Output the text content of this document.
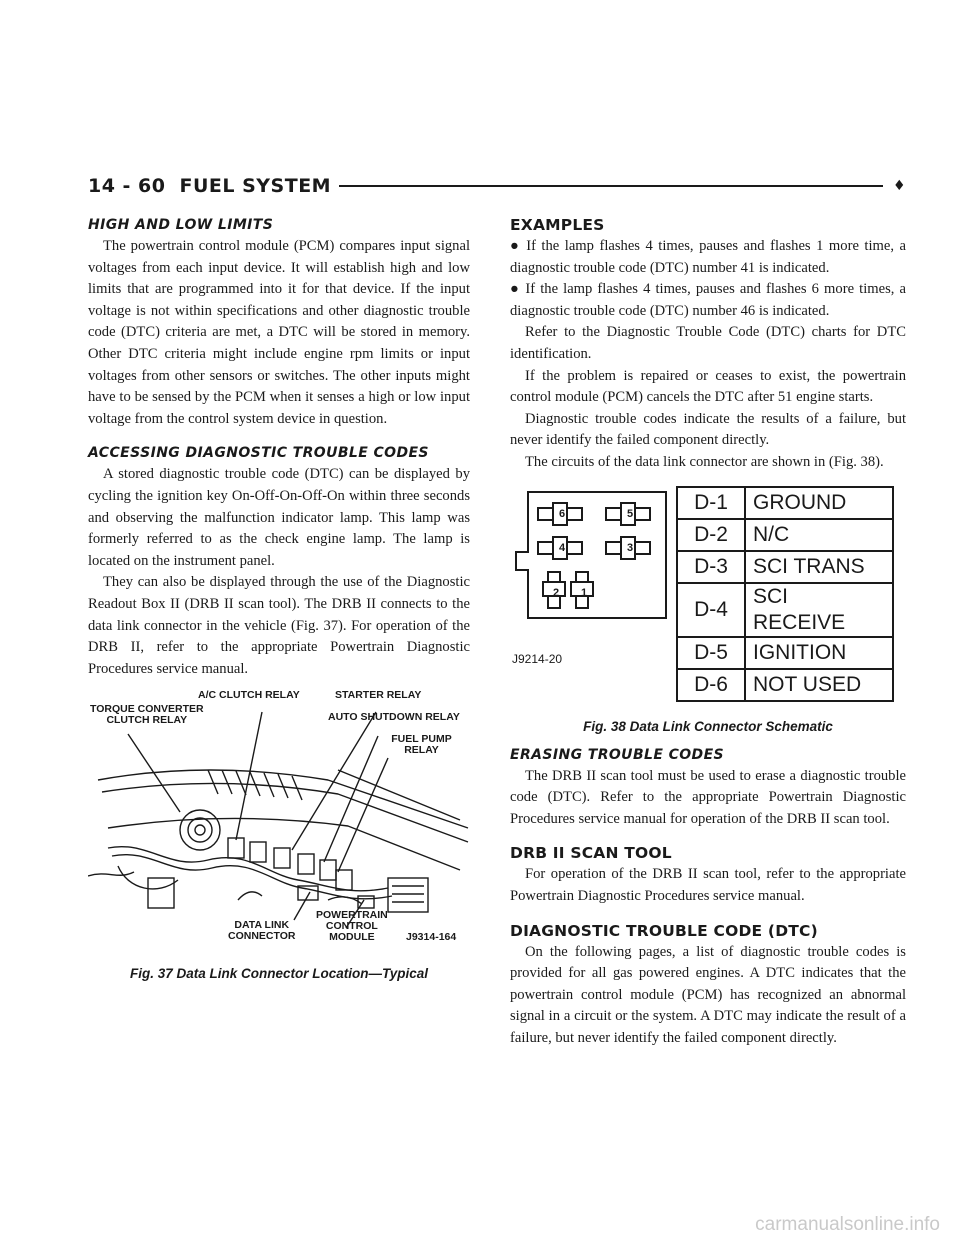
14 - 60 FUEL SYSTEM	♦

HIGH AND LOW LIMITS

The powertrain control module (PCM) compares input signal voltages from each input device. It will establish high and low limits that are programmed into it for that device. If the input voltage is not within specifications and other diagnostic trouble code (DTC) criteria are met, a DTC will be stored in memory. Other DTC criteria might include engine rpm limits or input voltages from other sensors or switches. The other inputs might have to be sensed by the PCM when it senses a high or low input voltage from the control system device in question.

ACCESSING DIAGNOSTIC TROUBLE CODES

A stored diagnostic trouble code (DTC) can be displayed by cycling the ignition key On-Off-On-Off-On within three seconds and observing the malfunction indicator lamp. This lamp was formerly referred to as the check engine lamp. The lamp is located on the instrument panel.

They can also be displayed through the use of the Diagnostic Readout Box II (DRB II scan tool). The DRB II connects to the data link connector in the vehicle (Fig. 37). For operation of the DRB II, refer to the appropriate Powertrain Diagnostic Procedures service manual.

A/C CLUTCH RELAY	STARTER RELAY
TORQUE CONVERTER
CLUTCH RELAY	AUTO SHUTDOWN RELAY
FUEL PUMP RELAY
DATA LINK
CONNECTOR
POWERTRAIN
CONTROL
MODULE	J9314-164
Fig. 37 Data Link Connector Location—Typical

EXAMPLES

● If the lamp flashes 4 times, pauses and flashes 1 more time, a diagnostic trouble code (DTC) number 41 is indicated.

● If the lamp flashes 4 times, pauses and flashes 6 more times, a diagnostic trouble code (DTC) number 46 is indicated.

Refer to the Diagnostic Trouble Code (DTC) charts for DTC identification.

If the problem is repaired or ceases to exist, the powertrain control module (PCM) cancels the DTC after 51 engine starts.

Diagnostic trouble codes indicate the results of a failure, but never identify the failed component directly.

The circuits of the data link connector are shown in (Fig. 38).

6	5
4	3
2	1
J9214-20
D-1	GROUND
D-2	N/C
D-3	SCI TRANS
D-4	SCI RECEIVE
D-5	IGNITION
D-6	NOT USED
Fig. 38 Data Link Connector Schematic

ERASING TROUBLE CODES

The DRB II scan tool must be used to erase a diagnostic trouble code (DTC). Refer to the appropriate Powertrain Diagnostic Procedures service manual for operation of the DRB II scan tool.

DRB II SCAN TOOL

For operation of the DRB II scan tool, refer to the appropriate Powertrain Diagnostic Procedures service manual.

DIAGNOSTIC TROUBLE CODE (DTC)

On the following pages, a list of diagnostic trouble codes is provided for all gas powered engines. A DTC indicates that the powertrain control module (PCM) has recognized an abnormal signal in a circuit or the system. A DTC may indicate the result of a failure, but never identify the failed component directly.

carmanualsonline.info
